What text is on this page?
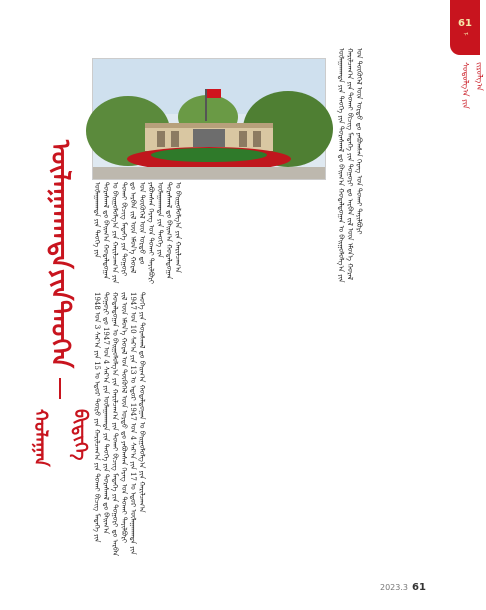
61
ᠮ
ᠰᠤᠳᠤᠯᠭ᠎ᠠ ᠶᠢᠨ ᠵᠢᠷᠤᠯᠭ᠎ᠠ
ᠦᠯᠠᠭᠠᠨᠬᠠᠳᠠ
ᠶᠢᠨ
ᠲᠡᠦᠬᠡᠨ
ᠬᠤᠯᠠᠭᠠᠨ ᠪᠢᠲᠢᠭᠡ
ᠦᠯᠠᠭᠠᠨᠬᠠᠳᠠ ᠶᠢᠨ ᠲᠡᠦᠬᠡ ᠶᠢᠨ ᠳᠤᠷᠠᠰᠬᠠᠯ ᠳᠤ ᠪᠠᠢᠭ᠎ᠠ ᠬᠤᠳᠠᠯᠳᠤᠭᠠᠨ ᠤ ᠪᠠᠢᠭᠤᠯᠤᠯᠭ᠎ᠠ ᠶᠢᠨ ᠬᠠᠷᠢᠯᠴᠠᠭ᠎ᠠ ᠶᠢᠨ ᠲᠤᠬᠠᠢ ᠪᠢᠴᠢᠭ᠌ ᠮᠡᠳᠡᠭᠡ ᠶᠢᠨ ᠲᠤᠭᠤᠷᠢ ᠳᠤ ᠠᠷᠪᠠᠨ ᠵᠢᠯ ᠦᠨ ᠡᠮᠦᠨ᠎ᠡ ᠬᠤᠷᠠᠯ ᠤᠨ ᠲᠦᠭᠦᠭᠡᠯ ᠦᠨ ᠤᠷᠳᠤ ᠳᠤ ᠶᠠᠪᠤᠭᠰᠠᠨ ᠬᠡᠷᠡᠭ ᠤᠨ ᠲᠤᠬᠠᠢ ᠲᠠᠶᠢᠯᠪᠤᠷᠢ
ᠦᠯᠠᠭᠠᠨᠬᠠᠳᠠ ᠶᠢᠨ ᠲᠡᠦᠬᠡ ᠶᠢᠨ ᠳᠤᠷᠠᠰᠬᠠᠯ ᠳᠤ ᠪᠠᠢᠭ᠎ᠠ ᠬᠤᠳᠠᠯᠳᠤᠭᠠᠨ ᠤ ᠪᠠᠢᠭᠤᠯᠤᠯᠭ᠎ᠠ ᠶᠢᠨ ᠬᠠᠷᠢᠯᠴᠠᠭ᠎ᠠ ᠶᠢᠨ ᠲᠤᠬᠠᠢ ᠪᠢᠴᠢᠭ᠌ ᠮᠡᠳᠡᠭᠡ ᠶᠢᠨ ᠲᠤᠭᠤᠷᠢ ᠳᠤ ᠠᠷᠪᠠᠨ ᠵᠢᠯ ᠦᠨ ᠡᠮᠦᠨ᠎ᠡ ᠬᠤᠷᠠᠯ ᠤᠨ ᠲᠦᠭᠦᠭᠡᠯ ᠦᠨ ᠤᠷᠳᠤ ᠳᠤ ᠶᠠᠪᠤᠭᠰᠠᠨ ᠬᠡᠷᠡᠭ ᠤᠨ ᠲᠤᠬᠠᠢ ᠲᠠᠶᠢᠯᠪᠤᠷᠢ ᠦᠯᠠᠭᠠᠨᠬᠠᠳᠠ ᠶᠢᠨ ᠲᠡᠦᠬᠡ ᠶᠢᠨ ᠳᠤᠷᠠᠰᠬᠠᠯ ᠳᠤ ᠪᠠᠢᠭ᠎ᠠ ᠬᠤᠳᠠᠯᠳᠤᠭᠠᠨ ᠤ ᠪᠠᠢᠭᠤᠯᠤᠯᠭ᠎ᠠ ᠶᠢᠨ ᠬᠠᠷᠢᠯᠴᠠᠭ᠎ᠠ
1948 ᠤᠨ 3 ᠰᠠᠷ᠎ᠠ ᠶᠢᠨ 15 ᠤ ᠡᠳᠦᠷ ᠲᠦᠷᠦ ᠶᠢᠨ ᠬᠠᠷᠢᠯᠴᠠᠭ᠎ᠠ ᠶᠢᠨ ᠲᠤᠬᠠᠢ ᠪᠢᠴᠢᠭ᠌ ᠮᠡᠳᠡᠭᠡ ᠶᠢᠨ ᠲᠤᠭᠤᠷᠢ ᠳᠤ 1947 ᠤᠨ 4 ᠰᠠᠷ᠎ᠠ ᠶᠢᠨ ᠦᠯᠠᠭᠠᠨᠬᠠᠳᠠ ᠶᠢᠨ ᠲᠡᠦᠬᠡ ᠶᠢᠨ ᠳᠤᠷᠠᠰᠬᠠᠯ ᠳᠤ ᠪᠠᠢᠭ᠎ᠠ ᠬᠤᠳᠠᠯᠳᠤᠭᠠᠨ ᠤ ᠪᠠᠢᠭᠤᠯᠤᠯᠭ᠎ᠠ ᠶᠢᠨ ᠬᠠᠷᠢᠯᠴᠠᠭ᠎ᠠ ᠶᠢᠨ ᠲᠤᠬᠠᠢ ᠪᠢᠴᠢᠭ᠌ ᠮᠡᠳᠡᠭᠡ ᠶᠢᠨ ᠲᠤᠭᠤᠷᠢ ᠳᠤ ᠠᠷᠪᠠᠨ ᠵᠢᠯ ᠦᠨ ᠡᠮᠦᠨ᠎ᠡ ᠬᠤᠷᠠᠯ ᠤᠨ ᠲᠦᠭᠦᠭᠡᠯ ᠦᠨ ᠤᠷᠳᠤ ᠳᠤ ᠶᠠᠪᠤᠭᠰᠠᠨ ᠬᠡᠷᠡᠭ ᠤᠨ ᠲᠤᠬᠠᠢ ᠲᠠᠶᠢᠯᠪᠤᠷᠢ 1947 ᠤᠨ 10 ᠰᠠᠷ᠎ᠠ ᠶᠢᠨ 13 ᠤ ᠡᠳᠦᠷ 1947 ᠤᠨ 4 ᠰᠠᠷ᠎ᠠ ᠶᠢᠨ 17 ᠤ ᠡᠳᠦᠷ ᠦᠯᠠᠭᠠᠨᠬᠠᠳᠠ ᠶᠢᠨ ᠲᠡᠦᠬᠡ ᠶᠢᠨ ᠳᠤᠷᠠᠰᠬᠠᠯ ᠳᠤ ᠪᠠᠢᠭ᠎ᠠ ᠬᠤᠳᠠᠯᠳᠤᠭᠠᠨ ᠤ ᠪᠠᠢᠭᠤᠯᠤᠯᠭ᠎ᠠ ᠶᠢᠨ ᠬᠠᠷᠢᠯᠴᠠᠭ᠎ᠠ
2023.3 61
